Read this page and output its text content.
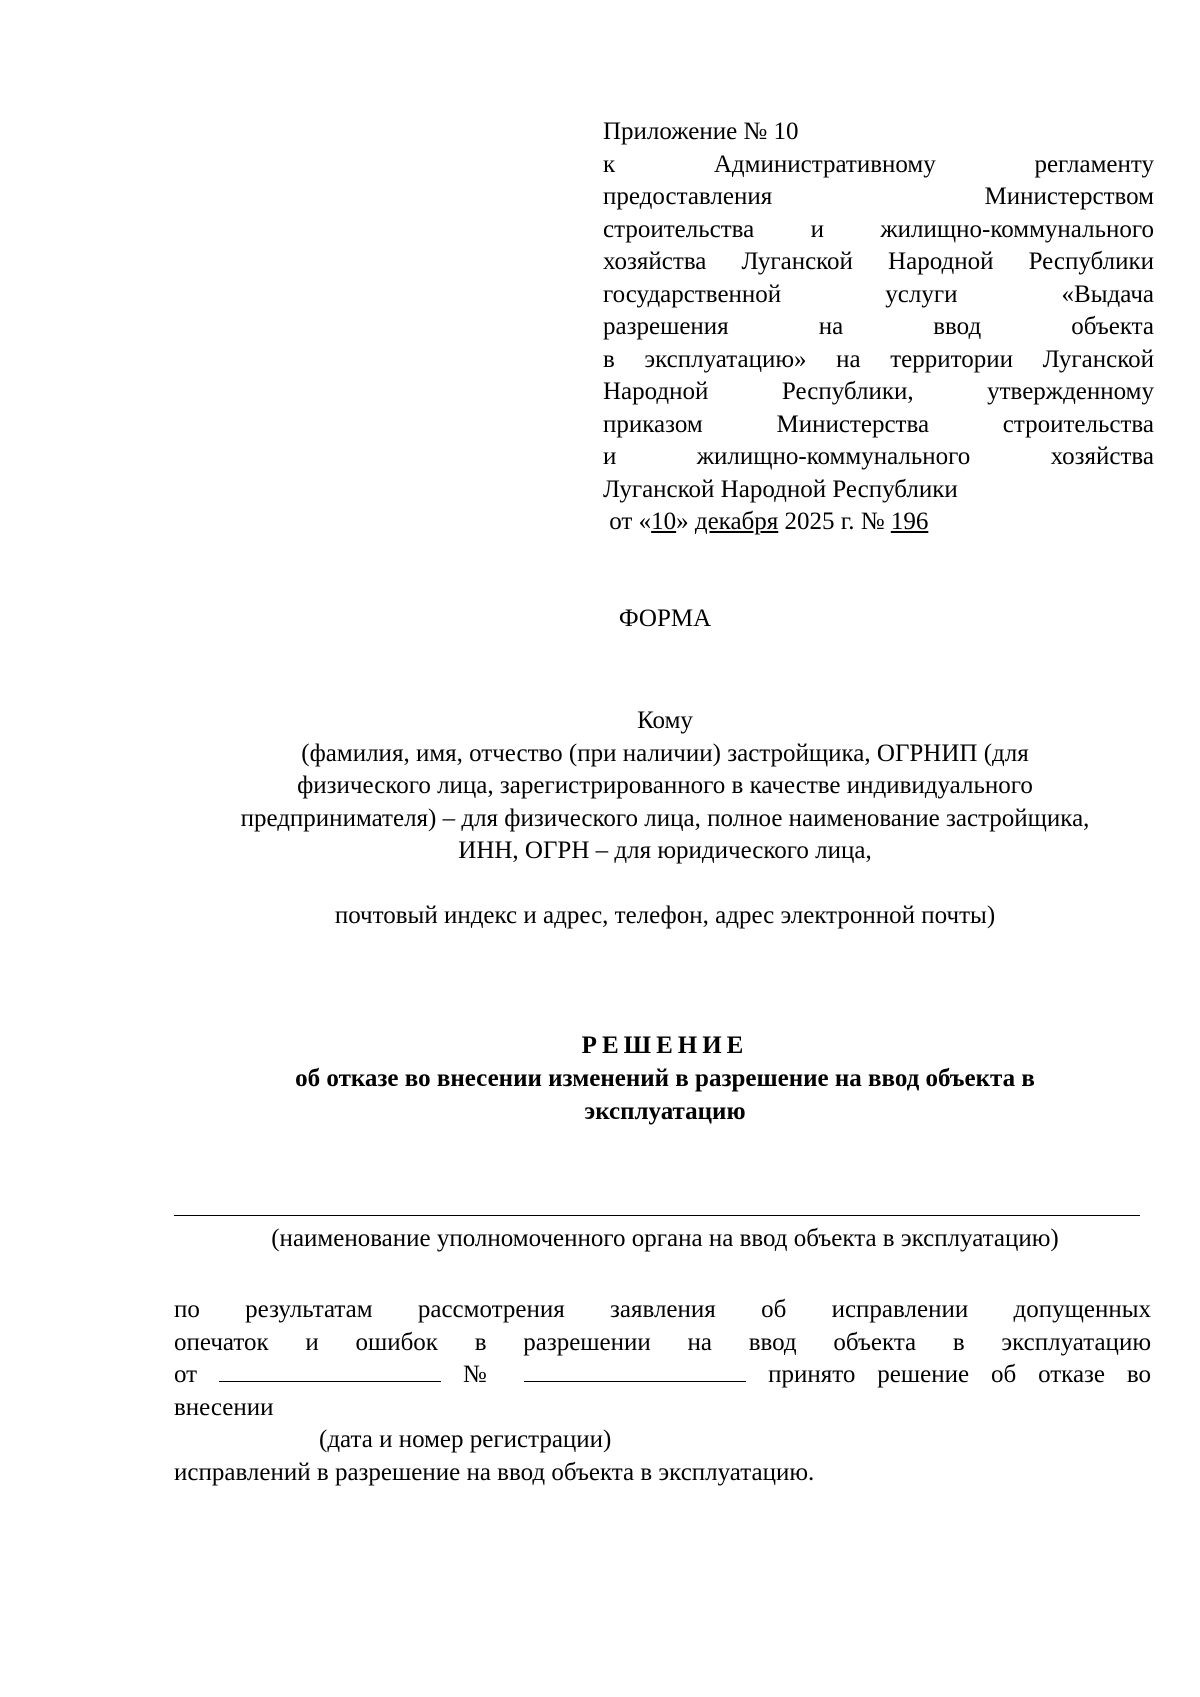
Приложение № 10
к Административному регламенту
предоставления Министерством
строительства и жилищно-коммунального
хозяйства Луганской Народной Республики
государственной услуги «Выдача
разрешения на ввод объекта
в эксплуатацию» на территории Луганской
Народной Республики, утвержденному
приказом Министерства строительства
и жилищно-коммунального хозяйства
Луганской Народной Республики
от «10» декабря 2025 г. № 196
ФОРМА
Кому
(фамилия, имя, отчество (при наличии) застройщика, ОГРНИП (для
физического лица, зарегистрированного в качестве индивидуального
предпринимателя) – для физического лица, полное наименование застройщика,
ИНН, ОГРН – для юридического лица,
почтовый индекс и адрес, телефон, адрес электронной почты)
РЕШЕНИЕ
об отказе во внесении изменений в разрешение на ввод объекта в
эксплуатацию
(наименование уполномоченного органа на ввод объекта в эксплуатацию)
по результатам рассмотрения заявления об исправлении допущенных
опечаток и ошибок в разрешении на ввод объекта в эксплуатацию
от	№	принято решение об отказе во
внесении
(дата и номер регистрации)
исправлений в разрешение на ввод объекта в эксплуатацию.
